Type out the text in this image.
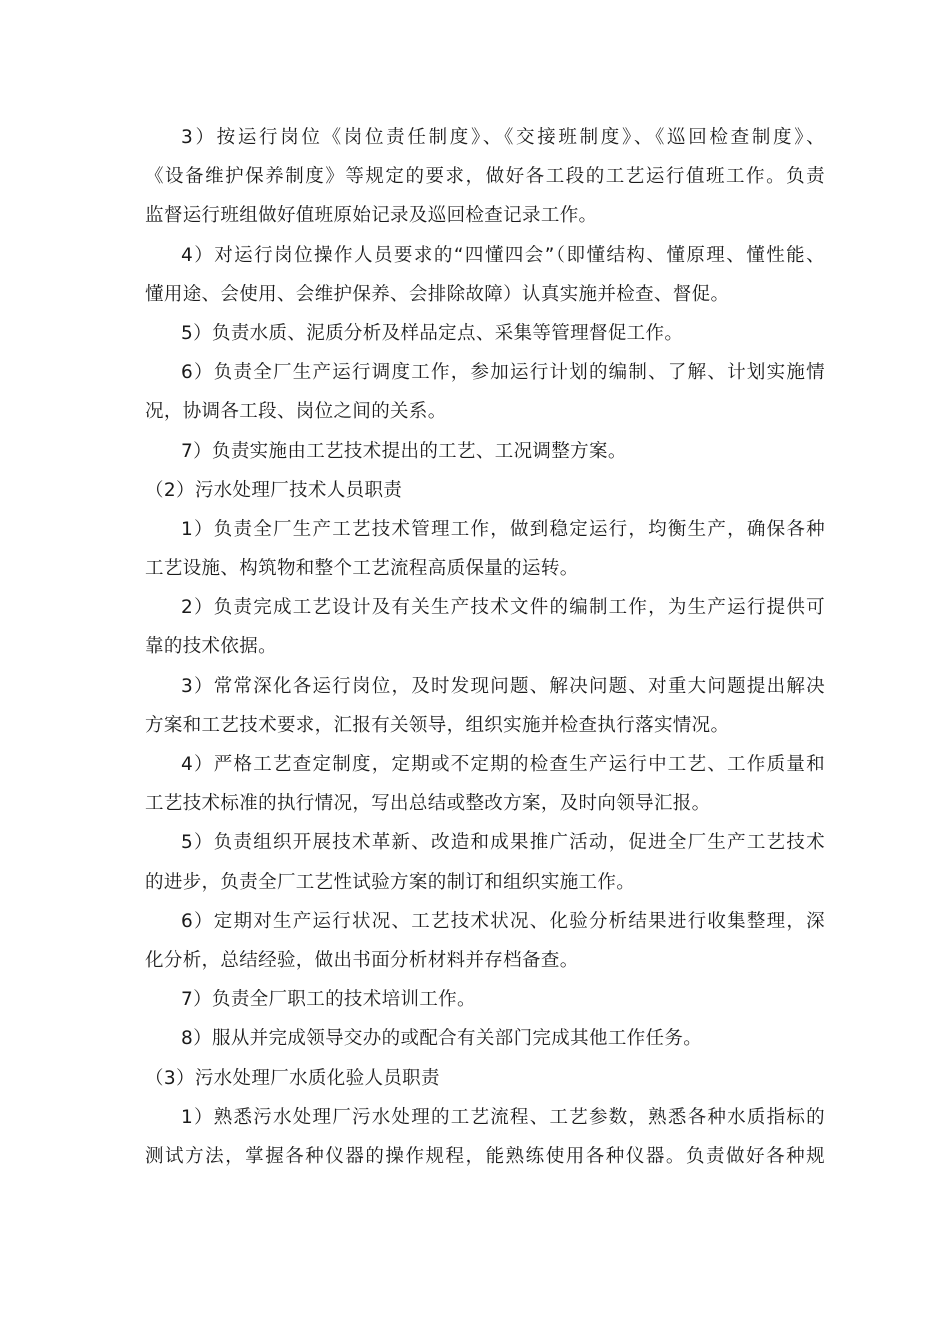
3）按运行岗位《岗位责任制度》、《交接班制度》、《巡回检查制度》、
《设备维护保养制度》等规定的要求，做好各工段的工艺运行值班工作。负责
监督运行班组做好值班原始记录及巡回检查记录工作。
4）对运行岗位操作人员要求的“四懂四会”（即懂结构、懂原理、懂性能、
懂用途、会使用、会维护保养、会排除故障）认真实施并检查、督促。
5）负责水质、泥质分析及样品定点、采集等管理督促工作。
6）负责全厂生产运行调度工作，参加运行计划的编制、了解、计划实施情
况，协调各工段、岗位之间的关系。
7）负责实施由工艺技术提出的工艺、工况调整方案。
（2）污水处理厂技术人员职责
1）负责全厂生产工艺技术管理工作，做到稳定运行，均衡生产，确保各种
工艺设施、构筑物和整个工艺流程高质保量的运转。
2）负责完成工艺设计及有关生产技术文件的编制工作，为生产运行提供可
靠的技术依据。
3）常常深化各运行岗位，及时发现问题、解决问题、对重大问题提出解决
方案和工艺技术要求，汇报有关领导，组织实施并检查执行落实情况。
4）严格工艺查定制度，定期或不定期的检查生产运行中工艺、工作质量和
工艺技术标准的执行情况，写出总结或整改方案，及时向领导汇报。
5）负责组织开展技术革新、改造和成果推广活动，促进全厂生产工艺技术
的进步，负责全厂工艺性试验方案的制订和组织实施工作。
6）定期对生产运行状况、工艺技术状况、化验分析结果进行收集整理，深
化分析，总结经验，做出书面分析材料并存档备查。
7）负责全厂职工的技术培训工作。
8）服从并完成领导交办的或配合有关部门完成其他工作任务。
（3）污水处理厂水质化验人员职责
1）熟悉污水处理厂污水处理的工艺流程、工艺参数，熟悉各种水质指标的
测试方法，掌握各种仪器的操作规程，能熟练使用各种仪器。负责做好各种规
